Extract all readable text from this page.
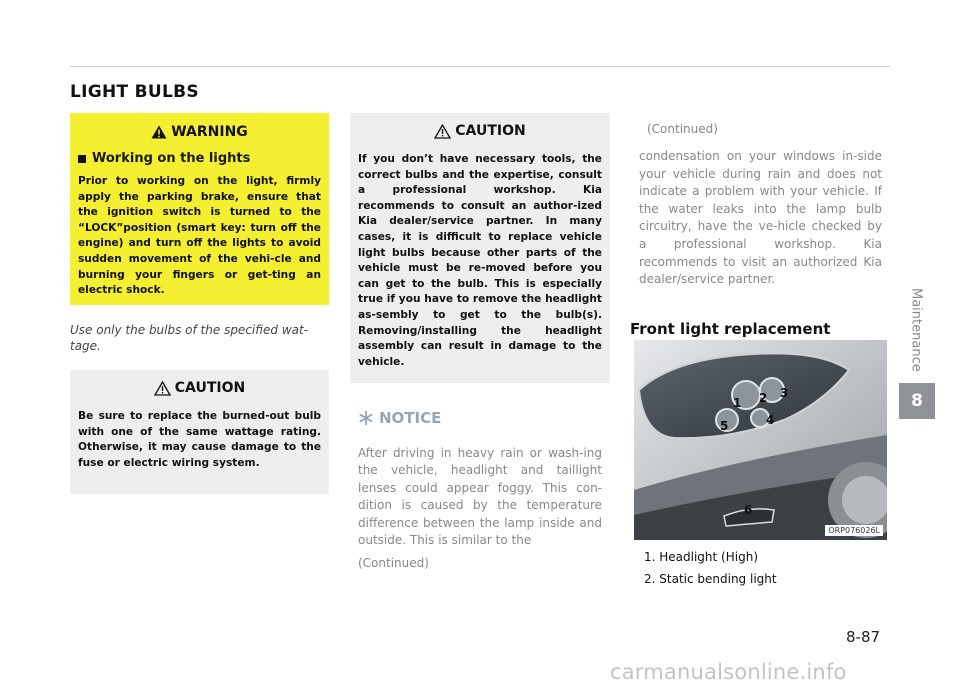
LIGHT BULBS
WARNING
Working on the lights
Prior to working on the light, firmly apply the parking brake, ensure that the ignition switch is turned to the “LOCK”position (smart key: turn off the engine) and turn off the lights to avoid sudden movement of the vehi-cle and burning your fingers or get-ting an electric shock.
Use only the bulbs of the specified wat-tage.
CAUTION
Be sure to replace the burned-out bulb with one of the same wattage rating. Otherwise, it may cause damage to the fuse or electric wiring system.
CAUTION
If you don’t have necessary tools, the correct bulbs and the expertise, consult a professional workshop. Kia recommends to consult an author-ized Kia dealer/service partner. In many cases, it is difficult to replace vehicle light bulbs because other parts of the vehicle must be re-moved before you can get to the bulb. This is especially true if you have to remove the headlight as-sembly to get to the bulb(s). Removing/installing the headlight assembly can result in damage to the vehicle.
NOTICE
After driving in heavy rain or wash-ing the vehicle, headlight and taillight lenses could appear foggy. This con-dition is caused by the temperature difference between the lamp inside and outside. This is similar to the
(Continued)
(Continued)
condensation on your windows in-side your vehicle during rain and does not indicate a problem with your vehicle. If the water leaks into the lamp bulb circuitry, have the ve-hicle checked by a professional workshop. Kia recommends to visit an authorized Kia dealer/service partner.
Front light replacement
1 2 3
4
5
6
ORP076026L
1. Headlight (High)
2. Static bending light
Maintenance
8
8-87
carmanualsonline.info
